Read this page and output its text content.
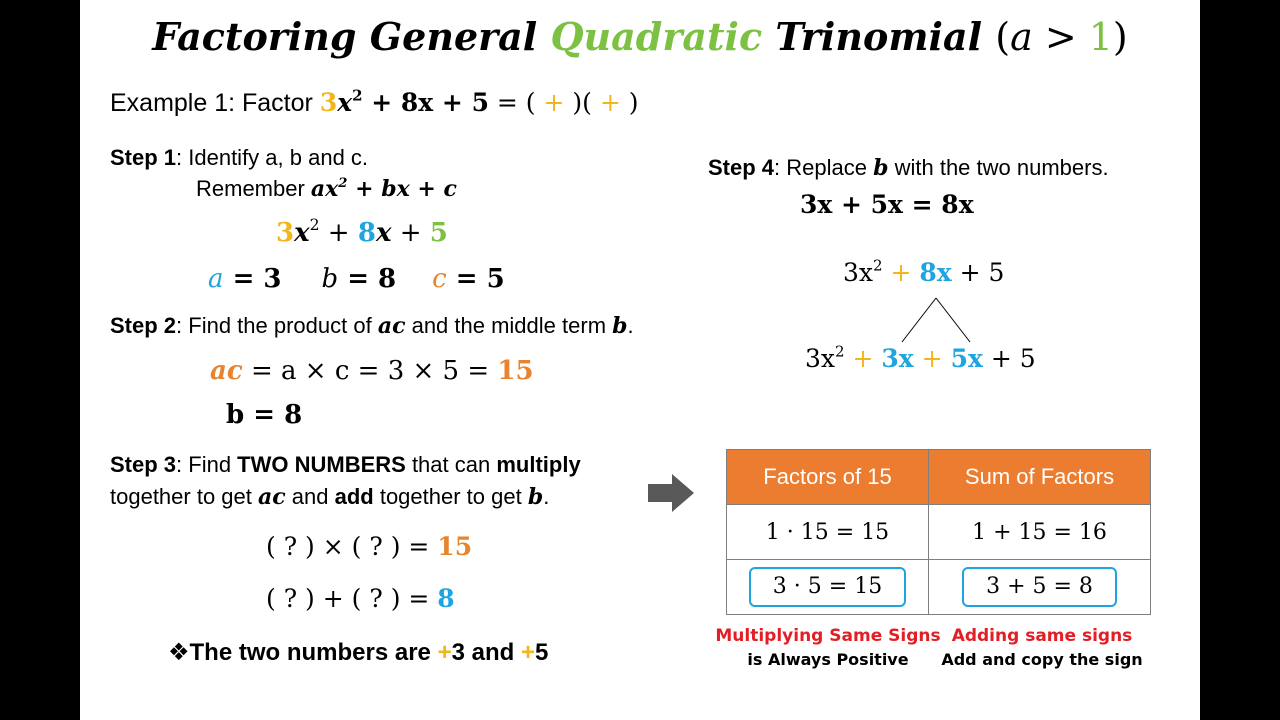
Factoring General Quadratic Trinomial (a > 1)
Example 1: Factor $3x^2 + 8x + 5$ = ( + )( + )
Step 1: Identify a, b and c.
Remember $ax^2$ + bx + c
$3x^2 + 8x + 5$
a = 3 b = 8 c = 5
Step 2: Find the product of ac and the middle term b.
ac = a × c = 3 × 5 = 15
b = 8
Step 3: Find TWO NUMBERS that can multiply
together to get ac and add together to get b.
( ? ) × ( ? ) = 15
( ? ) + ( ? ) = 8
❖The two numbers are +3 and +5
Step 4: Replace b with the two numbers.
3x + 5x = 8x
$3x^2 + 8x + 5$
$3x^2 + 3x + 5x + 5$
Factors of 15	Sum of Factors
1 · 15 = 15	1 + 15 = 16
3 · 5 = 15	3 + 5 = 8
Multiplying Same Signs
is Always Positive
Adding same signs
Add and copy the sign
